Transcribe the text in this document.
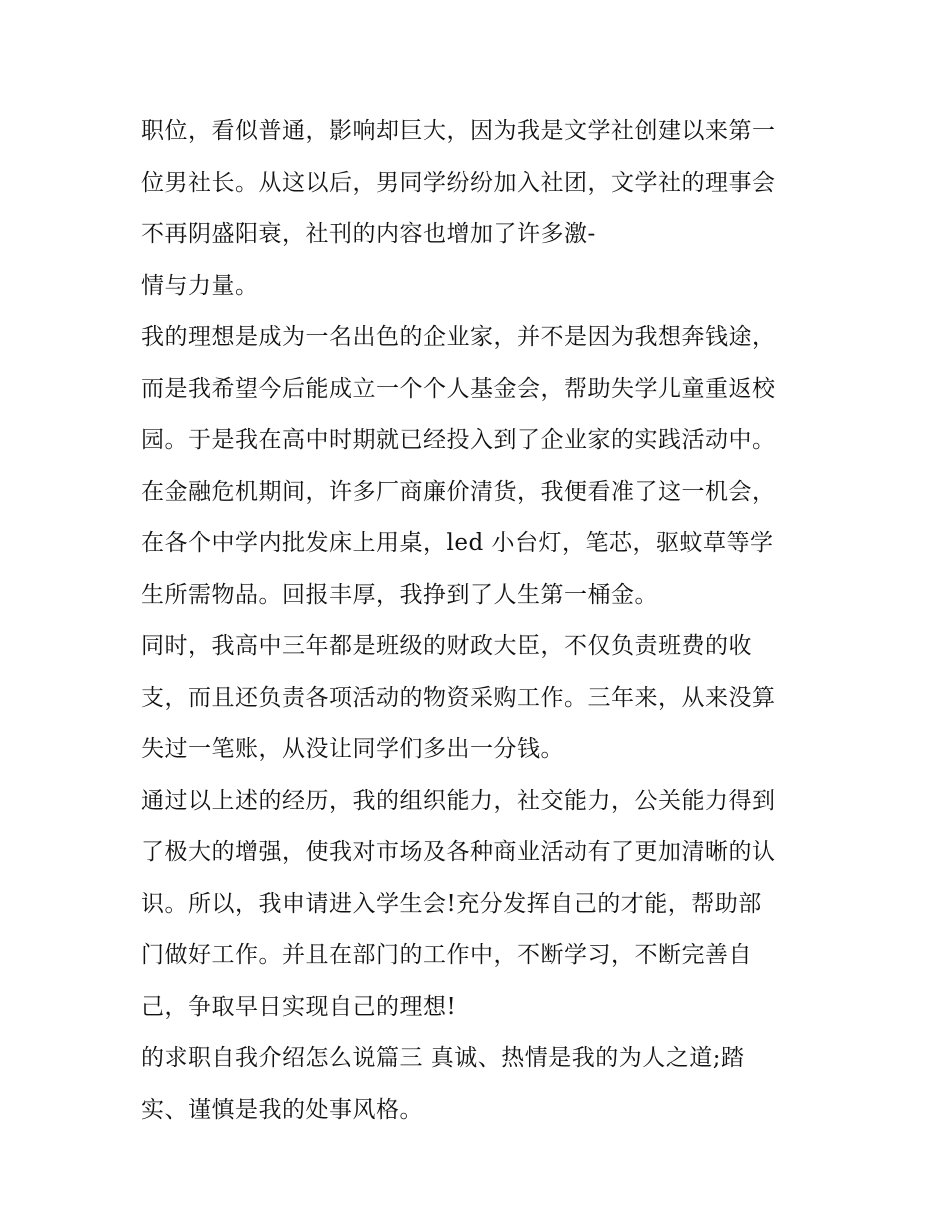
职位，看似普通，影响却巨大，因为我是文学社创建以来第一
位男社长。从这以后，男同学纷纷加入社团，文学社的理事会
不再阴盛阳衰，社刊的内容也增加了许多激-
情与力量。
我的理想是成为一名出色的企业家，并不是因为我想奔钱途，
而是我希望今后能成立一个个人基金会，帮助失学儿童重返校
园。于是我在高中时期就已经投入到了企业家的实践活动中。
在金融危机期间，许多厂商廉价清货，我便看准了这一机会，
在各个中学内批发床上用桌，led 小台灯，笔芯，驱蚊草等学
生所需物品。回报丰厚，我挣到了人生第一桶金。
同时，我高中三年都是班级的财政大臣，不仅负责班费的收
支，而且还负责各项活动的物资采购工作。三年来，从来没算
失过一笔账，从没让同学们多出一分钱。
通过以上述的经历，我的组织能力，社交能力，公关能力得到
了极大的增强，使我对市场及各种商业活动有了更加清晰的认
识。所以，我申请进入学生会!充分发挥自己的才能，帮助部
门做好工作。并且在部门的工作中，不断学习，不断完善自
己，争取早日实现自己的理想!
的求职自我介绍怎么说篇三 真诚、热情是我的为人之道;踏
实、谨慎是我的处事风格。
